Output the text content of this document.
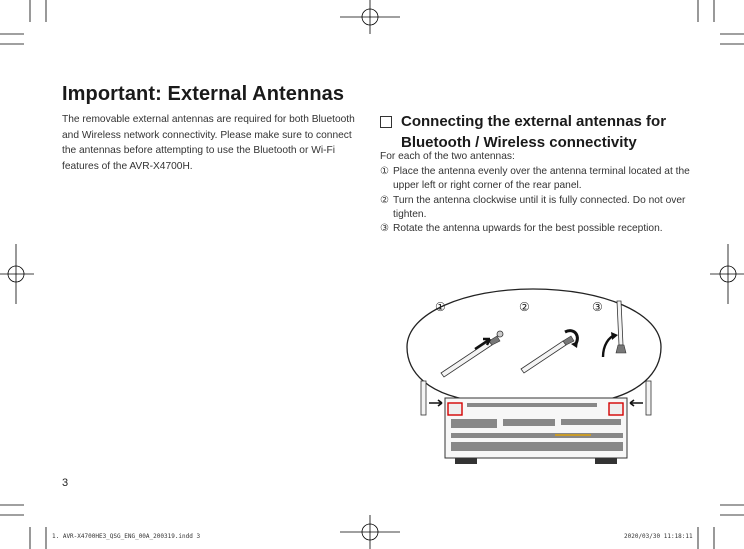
Important: External Antennas

The removable external antennas are required for both Bluetooth and Wireless network connectivity. Please make sure to connect the antennas before attempting to use the Bluetooth or Wi-Fi features of the AVR-X4700H.

Connecting the external antennas for Bluetooth / Wireless connectivity
For each of the two antennas:
① Place the antenna evenly over the antenna terminal located at the upper left or right corner of the rear panel.
② Turn the antenna clockwise until it is fully connected. Do not over tighten.
③ Rotate the antenna upwards for the best possible reception.
①	②	③
3
1. AVR-X4700HE3_QSG_ENG_00A_200319.indd 3	2020/03/30 11:18:11
